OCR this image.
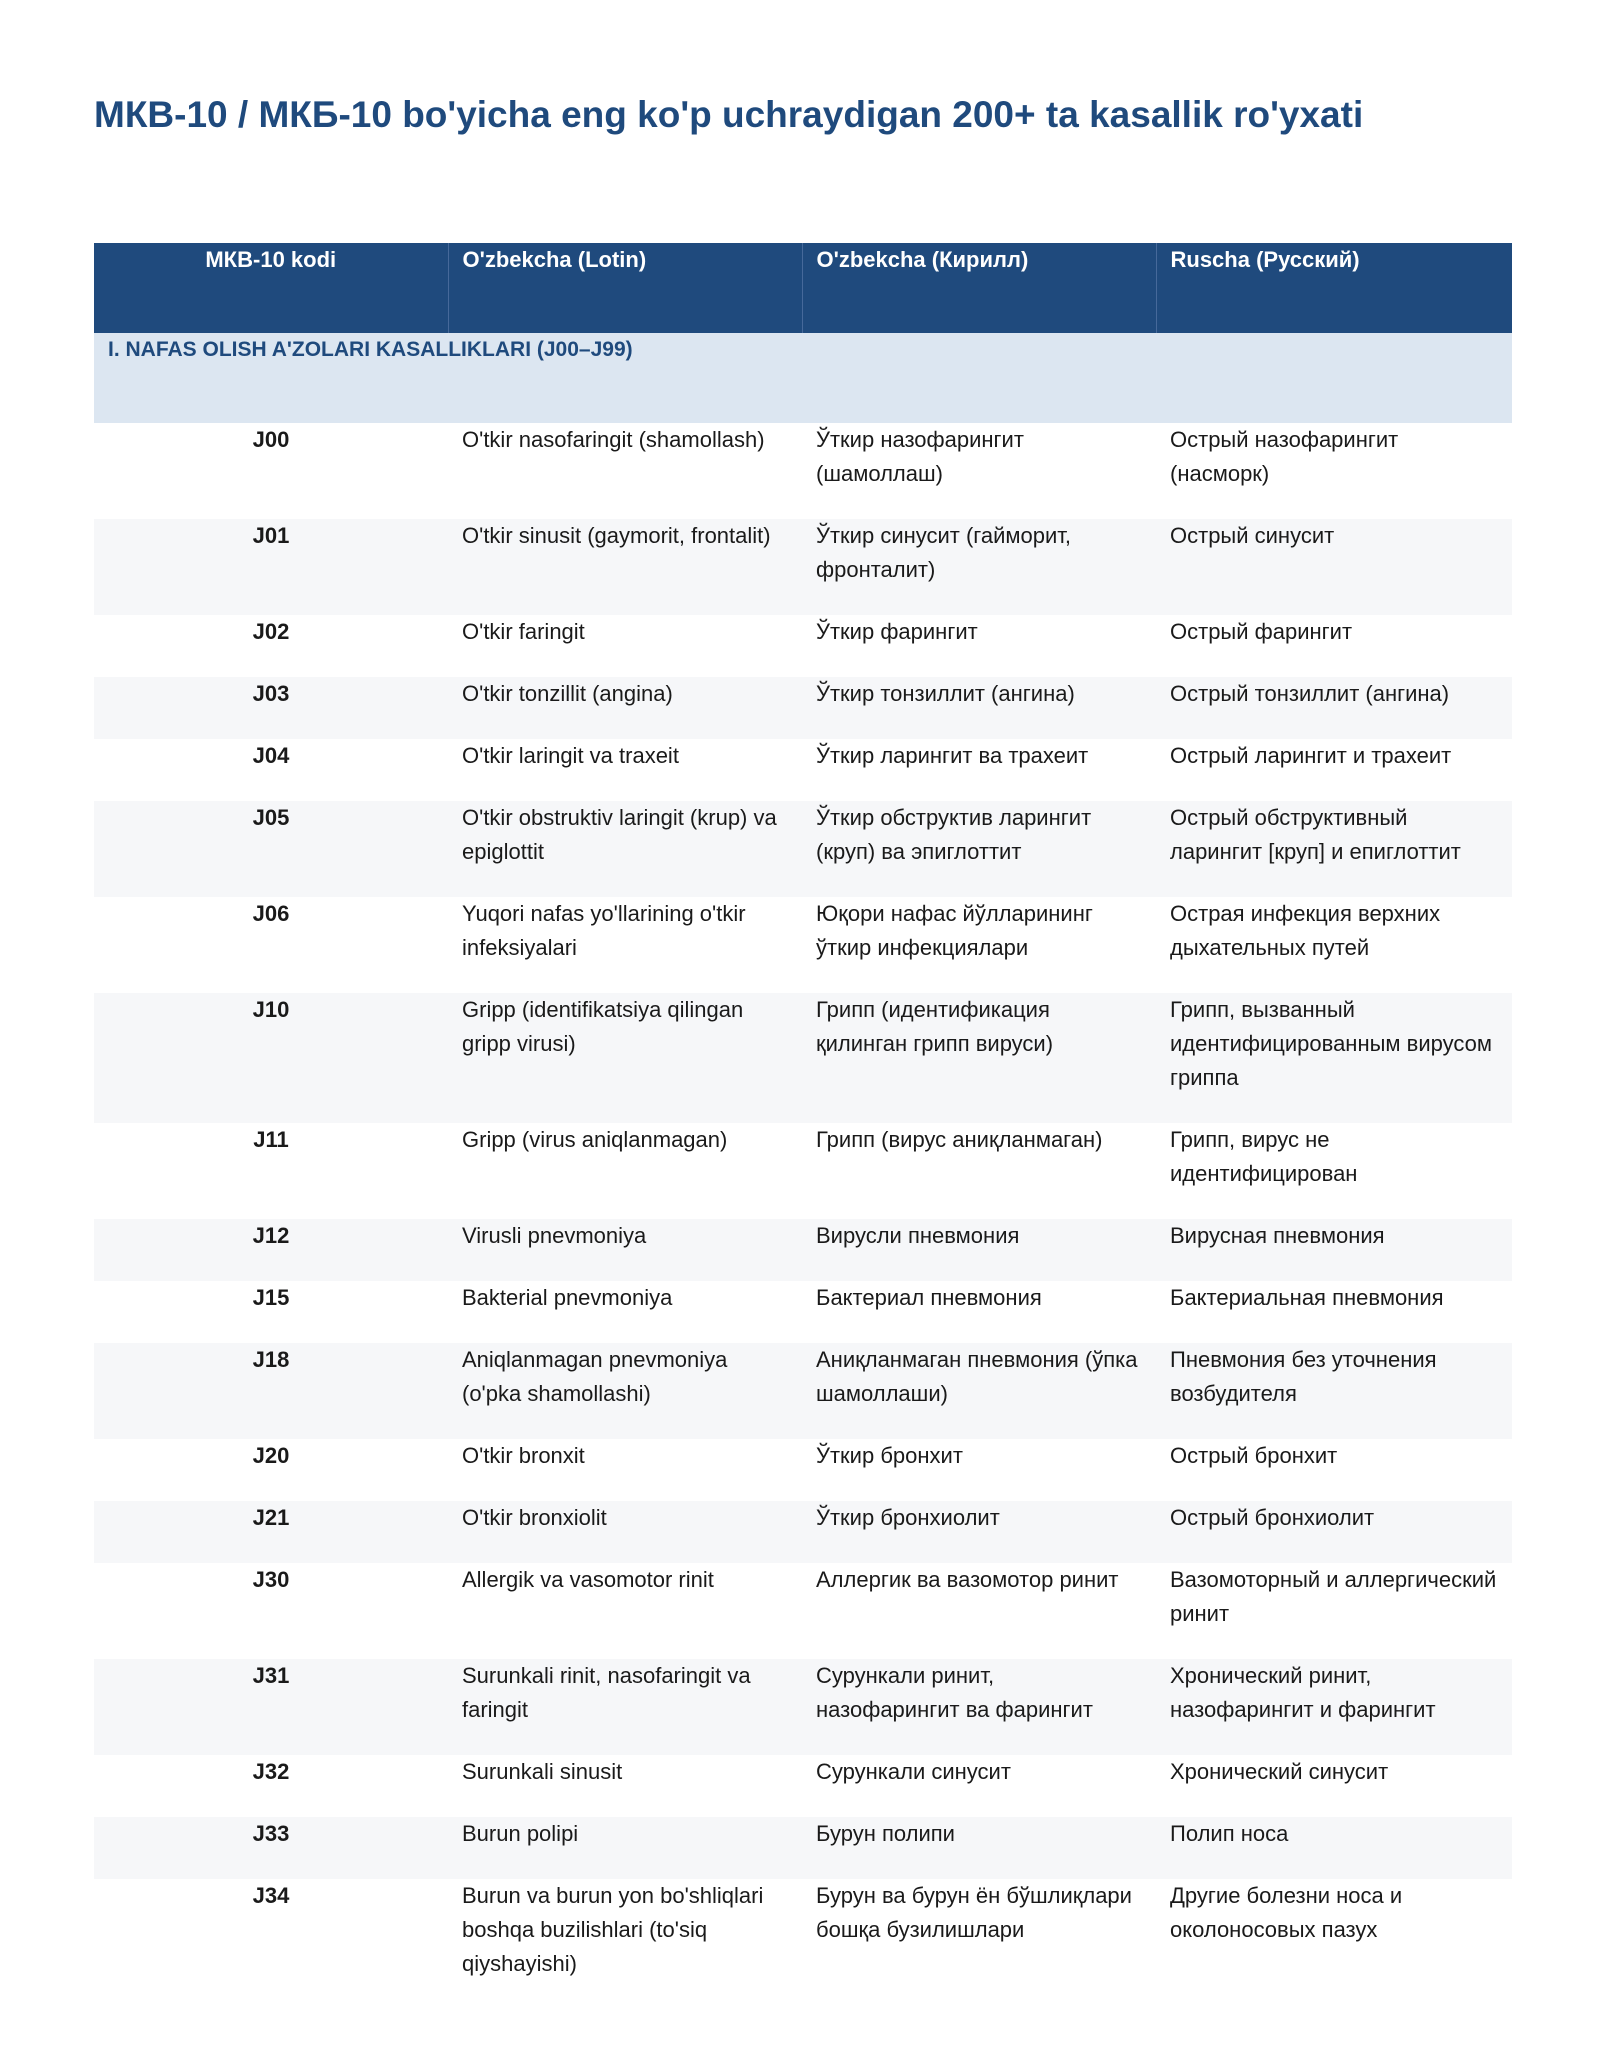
МКВ-10 / МКБ-10 bo'yicha eng ko'p uchraydigan 200+ ta kasallik ro'yxati
МКВ-10 kodi	O'zbekcha (Lotin)	O'zbekcha (Кирилл)	Ruscha (Русский)
I. NAFAS OLISH A'ZOLARI KASALLIKLARI (J00–J99)			
J00	O'tkir nasofaringit (shamollash)	Ўткир назофарингит (шамоллаш)	Острый назофарингит (насморк)
J01	O'tkir sinusit (gaymorit, frontalit)	Ўткир синусит (гайморит, фронталит)	Острый синусит
J02	O'tkir faringit	Ўткир фарингит	Острый фарингит
J03	O'tkir tonzillit (angina)	Ўткир тонзиллит (ангина)	Острый тонзиллит (ангина)
J04	O'tkir laringit va traxeit	Ўткир ларингит ва трахеит	Острый ларингит и трахеит
J05	O'tkir obstruktiv laringit (krup) va epiglottit	Ўткир обструктив ларингит (круп) ва эпиглоттит	Острый обструктивный ларингит [круп] и епиглоттит
J06	Yuqori nafas yo'llarining o'tkir infeksiyalari	Юқори нафас йўлларининг ўткир инфекциялари	Острая инфекция верхних дыхательных путей
J10	Gripp (identifikatsiya qilingan gripp virusi)	Грипп (идентификация қилинган грипп вируси)	Грипп, вызванный идентифицированным вирусом гриппа
J11	Gripp (virus aniqlanmagan)	Грипп (вирус аниқланмаган)	Грипп, вирус не идентифицирован
J12	Virusli pnevmoniya	Вирусли пневмония	Вирусная пневмония
J15	Bakterial pnevmoniya	Бактериал пневмония	Бактериальная пневмония
J18	Aniqlanmagan pnevmoniya (o'pka shamollashi)	Аниқланмаган пневмония (ўпка шамоллаши)	Пневмония без уточнения возбудителя
J20	O'tkir bronxit	Ўткир бронхит	Острый бронхит
J21	O'tkir bronxiolit	Ўткир бронхиолит	Острый бронхиолит
J30	Allergik va vasomotor rinit	Аллергик ва вазомотор ринит	Вазомоторный и аллергический ринит
J31	Surunkali rinit, nasofaringit va faringit	Сурункали ринит, назофарингит ва фарингит	Хронический ринит, назофарингит и фарингит
J32	Surunkali sinusit	Сурункали синусит	Хронический синусит
J33	Burun polipi	Бурун полипи	Полип носа
J34	Burun va burun yon bo'shliqlari boshqa buzilishlari (to'siq qiyshayishi)	Бурун ва бурун ён бўшлиқлари бошқа бузилишлари	Другие болезни носа и околоносовых пазух
